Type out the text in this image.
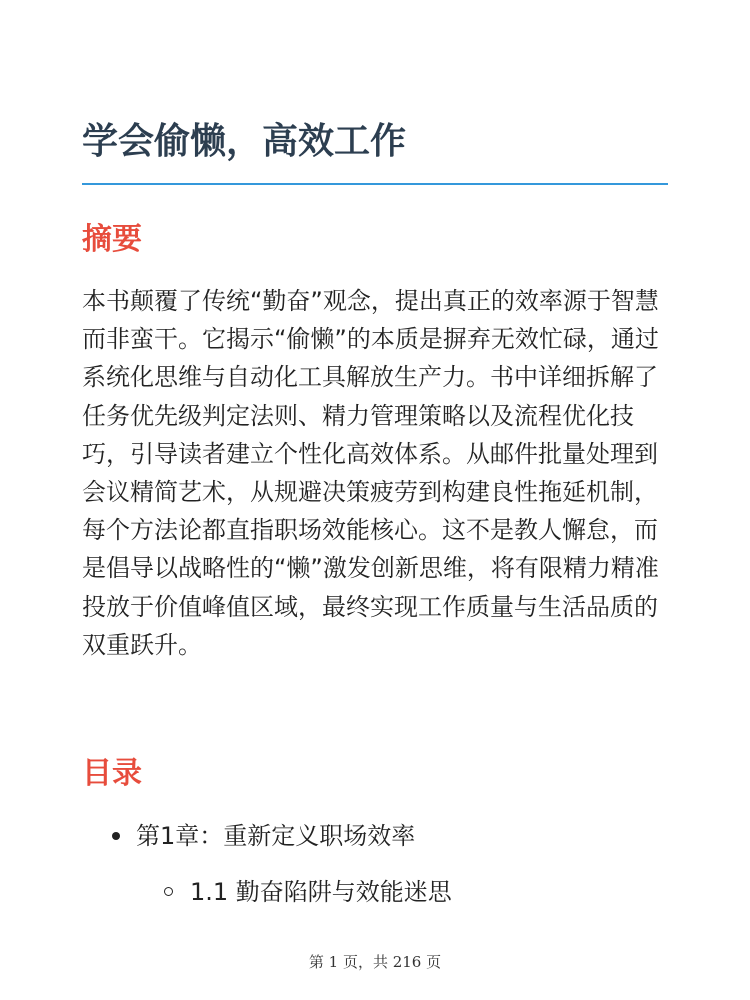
学会偷懒，高效工作
摘要

本书颠覆了传统“勤奋”观念，提出真正的效率源于智慧而非蛮干。它揭示“偷懒”的本质是摒弃无效忙碌，通过系统化思维与自动化工具解放生产力。书中详细拆解了任务优先级判定法则、精力管理策略以及流程优化技巧，引导读者建立个性化高效体系。从邮件批量处理到会议精简艺术，从规避决策疲劳到构建良性拖延机制，每个方法论都直指职场效能核心。这不是教人懈怠，而是倡导以战略性的“懒”激发创新思维，将有限精力精准投放于价值峰值区域，最终实现工作质量与生活品质的双重跃升。

目录
第1章：重新定义职场效率
1.1 勤奋陷阱与效能迷思
第 1 页，共 216 页
